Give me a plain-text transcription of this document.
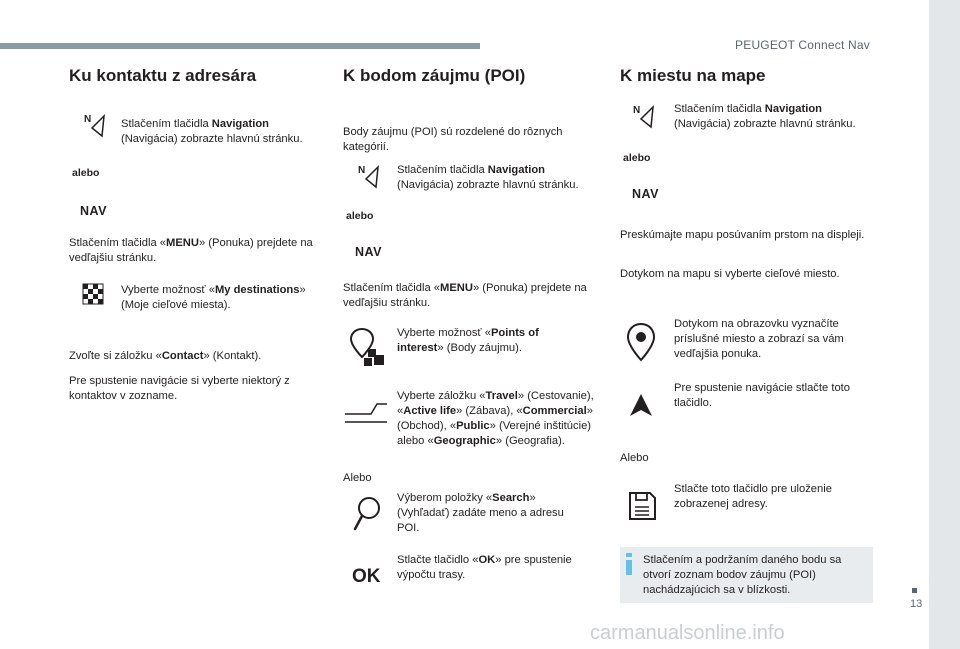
PEUGEOT Connect Nav
13
carmanualsonline.info
Ku kontaktu z adresára
N	Stlačením tlačidla Navigation (Navigácia) zobrazte hlavnú stránku.
alebo
NAV
Stlačením tlačidla «MENU» (Ponuka) prejdete na vedľajšiu stránku.
Vyberte možnosť «My destinations» (Moje cieľové miesta).
Zvoľte si záložku «Contact» (Kontakt).
Pre spustenie navigácie si vyberte niektorý z kontaktov v zozname.
K bodom záujmu (POI)
Body záujmu (POI) sú rozdelené do rôznych kategórií.
N	Stlačením tlačidla Navigation (Navigácia) zobrazte hlavnú stránku.
alebo
NAV
Stlačením tlačidla «MENU» (Ponuka) prejdete na vedľajšiu stránku.
Vyberte možnosť «Points of interest» (Body záujmu).
Vyberte záložku «Travel» (Cestovanie), «Active life» (Zábava), «Commercial» (Obchod), «Public» (Verejné inštitúcie) alebo «Geographic» (Geografia).
Alebo
Výberom položky «Search» (Vyhľadať) zadáte meno a adresu POI.
OK
Stlačte tlačidlo «OK» pre spustenie výpočtu trasy.
K miestu na mape
N	Stlačením tlačidla Navigation (Navigácia) zobrazte hlavnú stránku.
alebo
NAV
Preskúmajte mapu posúvaním prstom na displeji.
Dotykom na mapu si vyberte cieľové miesto.
Dotykom na obrazovku vyznačíte príslušné miesto a zobrazí sa vám vedľajšia ponuka.
Pre spustenie navigácie stlačte toto tlačidlo.
Alebo
Stlačte toto tlačidlo pre uloženie zobrazenej adresy.
Stlačením a podržaním daného bodu sa otvorí zoznam bodov záujmu (POI) nachádzajúcich sa v blízkosti.
